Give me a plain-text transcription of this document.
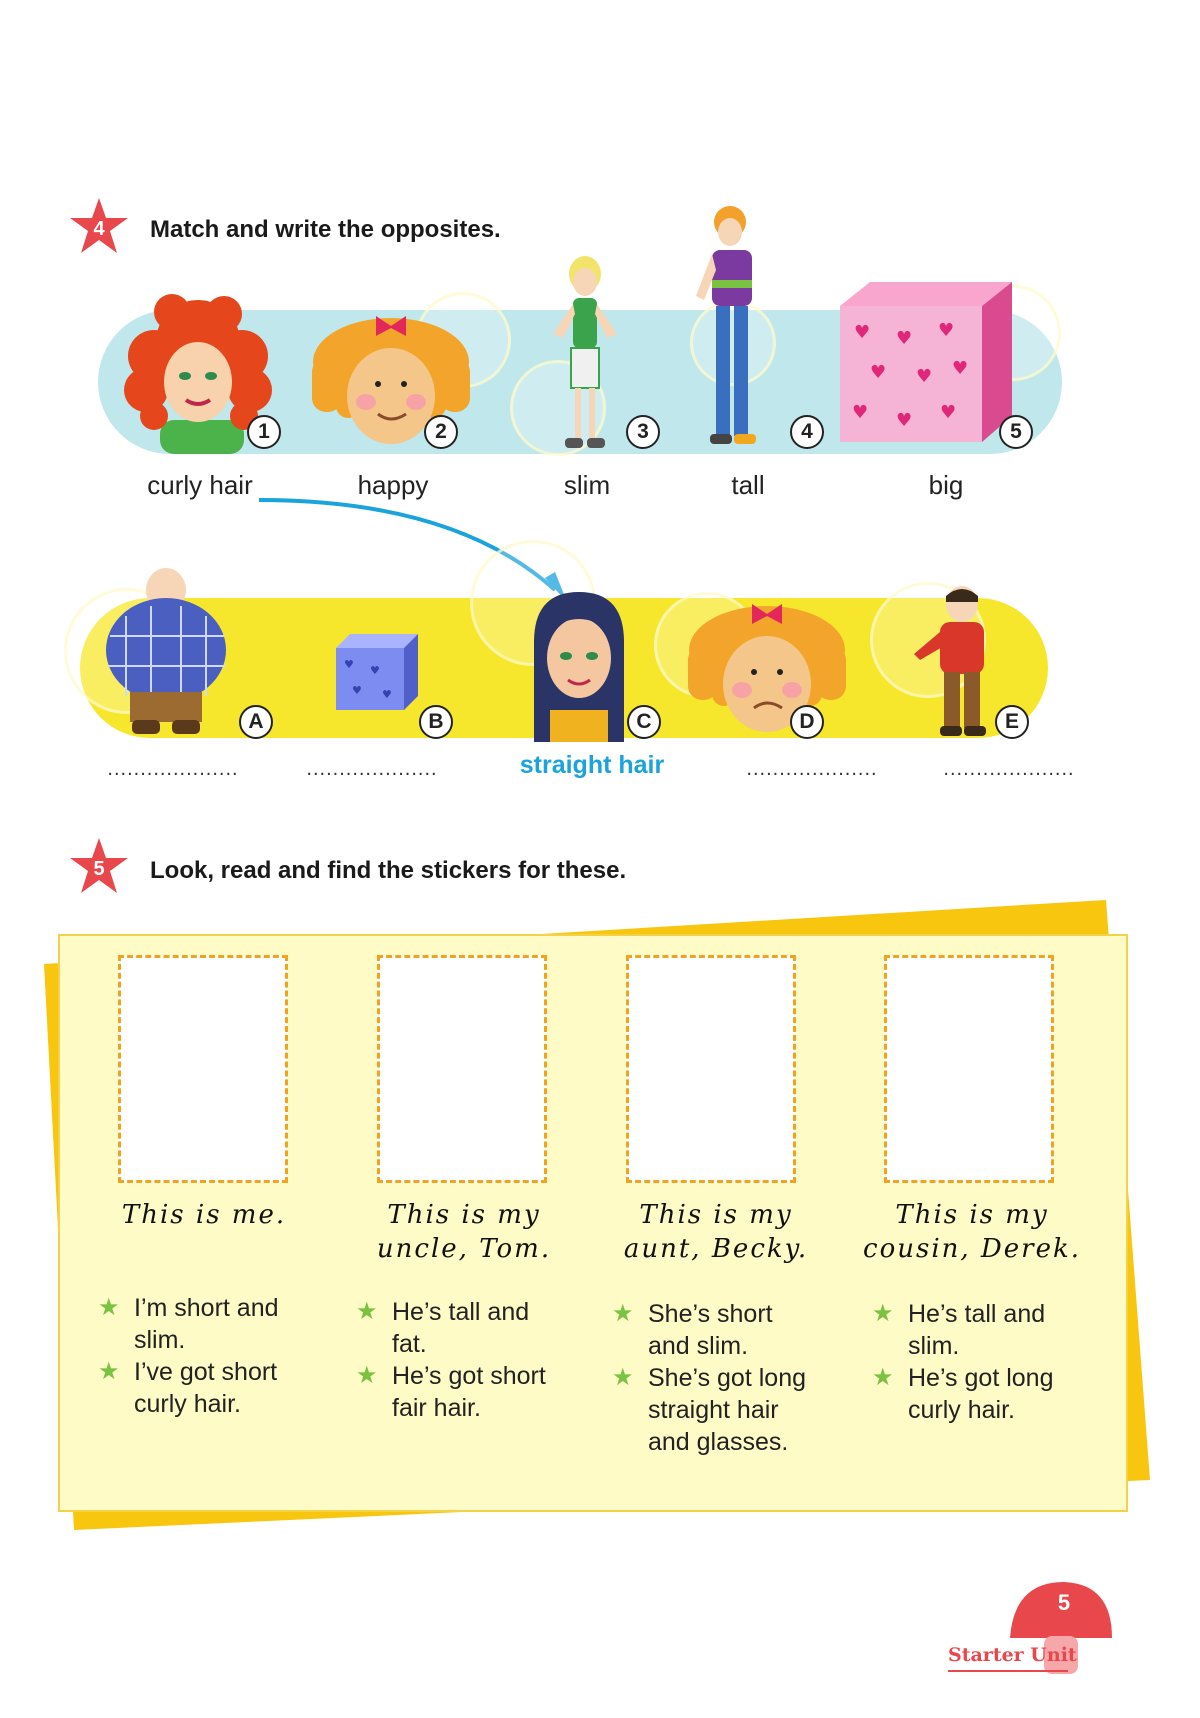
4	Match and write the opposites.
♥ ♥ ♥
♥ ♥ ♥
♥ ♥ ♥
1	2	3	4	5
curly hair	happy	slim	tall	big
♥ ♥
♥ ♥
A	B	C	D	E
....................	....................	straight hair	....................	....................
5	Look, read and find the stickers for these.
This is me.	This is my
uncle, Tom.
This is my
aunt, Becky.
This is my
cousin, Derek.
★ I’m short and
slim.
★ I’ve got short
curly hair.
★ He’s tall and
fat.
★ He’s got short
fair hair.
★ She’s short
and slim.
★ She’s got long
straight hair
and glasses.
★ He’s tall and
slim.
★ He’s got long
curly hair.
5
Starter Unit
